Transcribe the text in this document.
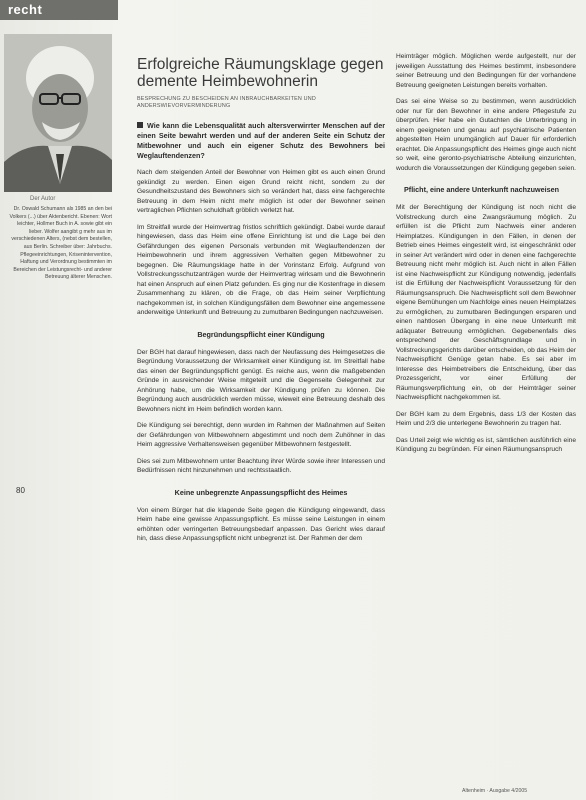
recht
Der Autor
Dr. Oswald Schumann als 1985 an den bei Volkers (...) über Aktenbericht. Ebenen: Wort leichter, Hollmer Buch in A. sowie gibt ein lieber. Wolfer aangibt g mehr aus im verschiedenen Alters, (nebst dem bestellen, aus Berlin. Schreiber über: Jahrbuchs. Pflegeeinrichtungen, Krisenintervention, Haftung und Verordnung bestimmten im Bereichen der Leistungsrecht- und anderer Betreuung älterer Menschen.
80
Erfolgreiche Räumungsklage gegen demente Heimbewohnerin
BESPRECHUNG ZU BESCHEIDEN AN INBRAUCHBARKEITEN UND ANDERSWIEVORVERMINDERUNG

Wie kann die Lebensqualität auch altersverwirrter Menschen auf der einen Seite bewahrt werden und auf der anderen Seite ein Schutz der Mitbewohner und auch ein eigener Schutz des Bewohners bei Weglauftendenzen?

Nach dem steigenden Anteil der Bewohner von Heimen gibt es auch einen Grund gekündigt zu werden. Einen eigen Grund reicht nicht, sondern zu der Gesundheitszustand des Bewohners sich so verändert hat, dass eine fachgerechte Betreuung in dem Heim nicht mehr möglich ist oder der Bewohner seinen vertraglichen Pflichten schuldhaft gröblich verletzt hat.

Im Streitfall wurde der Heimvertrag fristlos schriftlich gekündigt. Dabei wurde darauf hingewiesen, dass das Heim eine offene Einrichtung ist und die Lage bei den Gefährdungen des eigenen Personals verbunden mit Weglauftendenzen der Heimbewohnerin und ihrem aggressiven Verhalten gegen Mitbewohner zu begegnen. Die Räumungsklage hatte in der Vorinstanz Erfolg. Aufgrund von Vollstreckungsschutzanträgen wurde der Heimvertrag wirksam und die Bewohnerin hat einen Anspruch auf einen Platz gefunden. Es ging nur die Kostenfrage in diesem Zusammenhang zu klären, ob die Frage, ob das Heim seiner Verpflichtung nachgekommen ist, in solchen Kündigungsfällen dem Bewohner eine angemessene anderweitige Unterkunft und Betreuung zu zumutbaren Bedingungen nachzuweisen.

Begründungspflicht einer Kündigung

Der BGH hat darauf hingewiesen, dass nach der Neufassung des Heimgesetzes die Begründung Voraussetzung der Wirksamkeit einer Kündigung ist. Im Streitfall habe das einen der Begründungspflicht genügt. Es reiche aus, wenn die maßgebenden Gründe in ausreichender Weise mitgeteilt und die Gegenseite Gelegenheit zur Anhörung habe, um die Wirksamkeit der Kündigung prüfen zu können. Die Begründung auch ausdrücklich werden müsse, wieweit eine Betreuung deshalb des Bewohners nicht im Heim befindlich worden kann.

Die Kündigung sei berechtigt, denn wurden im Rahmen der Maßnahmen auf Seiten der Gefährdungen von Mitbewohnern abgestimmt und noch dem Zuhöhner in das Heim aggressive Verhaltensweisen gegenüber Mitbewohnern festgestellt.

Dies sei zum Mitbewohnern unter Beachtung ihrer Würde sowie ihrer Interessen und Bedürfnissen nicht hinzunehmen und rechtsstaatlich.

Keine unbegrenzte Anpassungspflicht des Heimes

Von einem Bürger hat die klagende Seite gegen die Kündigung eingewandt, dass Heim habe eine gewisse Anpassungspflicht. Es müsse seine Leistungen in einem erhöhten oder verringerten Betreuungsbedarf anpassen. Das Gericht wies darauf hin, dass diese Anpassungspflicht nicht unbegrenzt ist. Der Rahmen der dem

Heimträger möglich. Möglichen werde aufgestellt, nur der jeweiligen Ausstattung des Heimes bestimmt, insbesondere seiner Betreuung und den Bedingungen für der vorhandene Betreuung geeigneten Leistungen bereits vorhalten.

Das sei eine Weise so zu bestimmen, wenn ausdrücklich oder nur für den Bewohner in eine andere Pflegestufe zu überprüfen. Hier habe ein Gutachten die Unterbringung in einem geeigneten und genau auf psychiatrische Patienten abgestellten Heim unumgänglich auf Dauer für erforderlich erachtet. Die Anpassungspflicht des Heimes ginge auch nicht so weit, eine geronto-psychiatrische Abteilung einzurichten, wodurch die Voraussetzungen der Kündigung gegeben seien.

Pflicht, eine andere Unterkunft nachzuweisen

Mit der Berechtigung der Kündigung ist noch nicht die Vollstreckung durch eine Zwangsräumung möglich. Zu erfüllen ist die Pflicht zum Nachweis einer anderen Heimplatzes. Kündigungen in den Fällen, in denen der Betrieb eines Heimes eingestellt wird, ist eingeschränkt oder in seiner Art verändert wird oder in denen eine fachgerechte Betreuung nicht mehr möglich ist. Auch nicht in allen Fällen ist eine Nachweispflicht zur Kündigung notwendig, jedenfalls ist die Erfüllung der Nachweispflicht Voraussetzung für den Räumungsanspruch. Die Nachweispflicht soll dem Bewohner eigene Bemühungen um Nachfolge eines neuen Heimplatzes zu ermöglichen, zu zumutbaren Bedingungen ersparen und einen nahtlosen Übergang in eine neue Unterkunft mit adäquater Betreuung ermöglichen. Gegebenenfalls dies entsprechend der Geschäftsgrundlage und in Vollstreckungsgerichts darüber entscheiden, ob das Heim der Nachweispflicht Genüge getan habe. Es sei aber im Interesse des Heimbetreibers die Entscheidung, über das Prozessgericht, vor einer Erfüllung der Räumungsverpflichtung ein, ob der Heimträger seiner Nachweispflicht nachgekommen ist.

Der BGH kam zu dem Ergebnis, dass 1/3 der Kosten das Heim und 2/3 die unterlegene Bewohnerin zu tragen hat.

Das Urteil zeigt wie wichtig es ist, sämtlichen ausführlich eine Kündigung zu begründen. Für einen Räumungsanspruch

Altenheim · Ausgabe 4/2005
